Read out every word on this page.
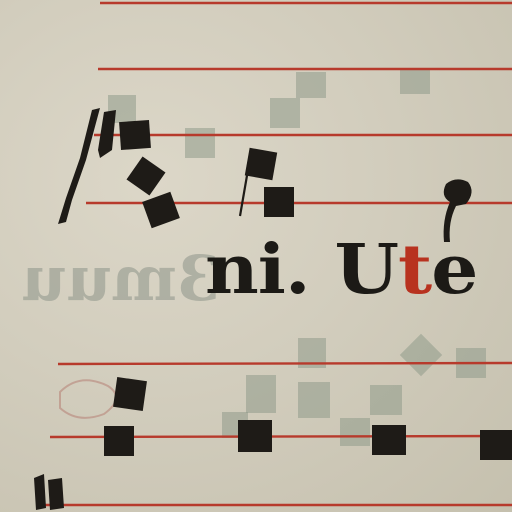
3muu
ni. Ute
